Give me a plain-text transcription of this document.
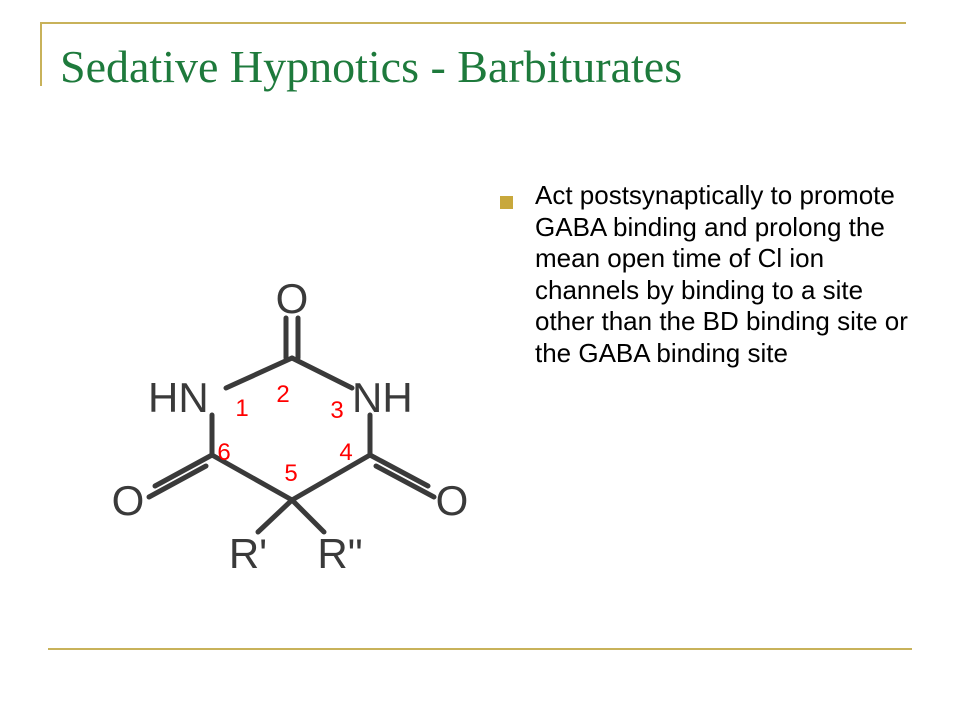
Sedative Hypnotics - Barbiturates
Act postsynaptically to promote GABA binding and prolong the mean open time of Cl ion channels by binding to a site other than the BD binding site or the GABA binding site
O
HN	NH
O	O
R' R"
1
2
3
4
5
6
